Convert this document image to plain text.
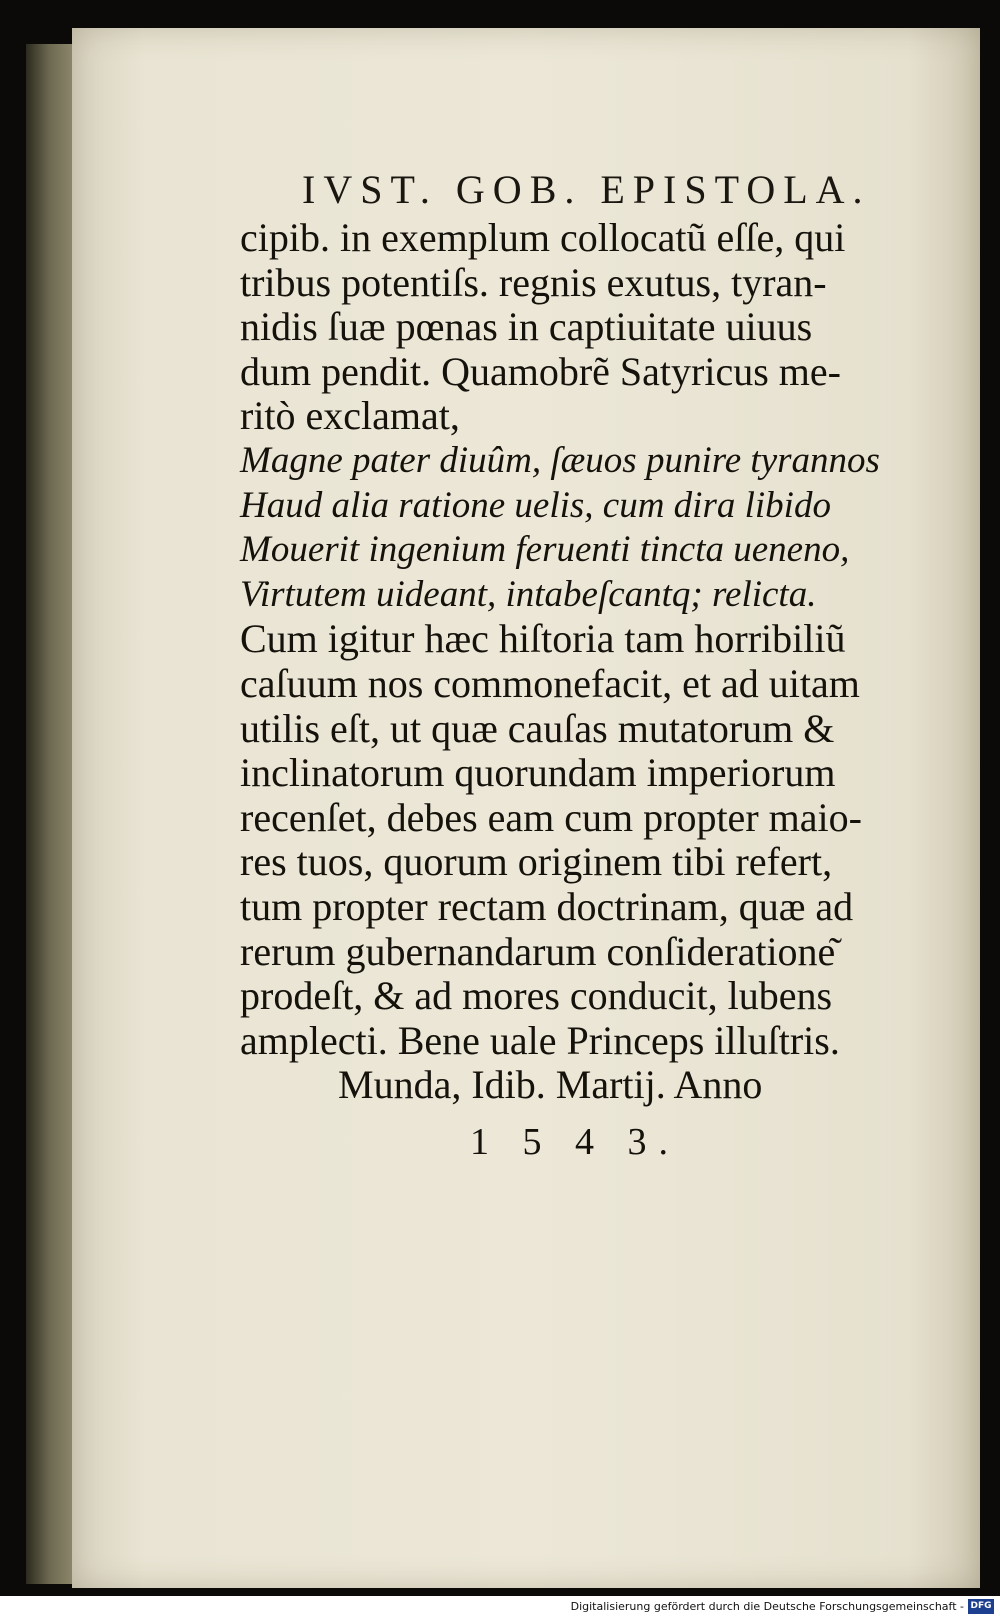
IVST. GOB. EPISTOLA.
cipib. in exemplum collocatũ eſſe, qui
tribus potentiſs. regnis exutus, tyran-
nidis ſuæ pœnas in captiuitate uiuus
dum pendit. Quamobrẽ Satyricus me-
ritò exclamat,
Magne pater diuûm, ſæuos punire tyrannos
Haud alia ratione uelis, cum dira libido
Mouerit ingenium feruenti tincta ueneno,
Virtutem uideant, intabeſcantq; relicta.
Cum igitur hæc hiſtoria tam horribiliũ
caſuum nos commonefacit, et ad uitam
utilis eſt, ut quæ cauſas mutatorum &
inclinatorum quorundam imperiorum
recenſet, debes eam cum propter maio-
res tuos, quorum originem tibi refert,
tum propter rectam doctrinam, quæ ad
rerum gubernandarum conſideratione͂
prodeſt, & ad mores conducit, lubens
amplecti. Bene uale Princeps illuſtris.
Munda, Idib. Martij. Anno
1 5 4 3.
Digitalisierung gefördert durch die Deutsche Forschungsgemeinschaft - DFG
